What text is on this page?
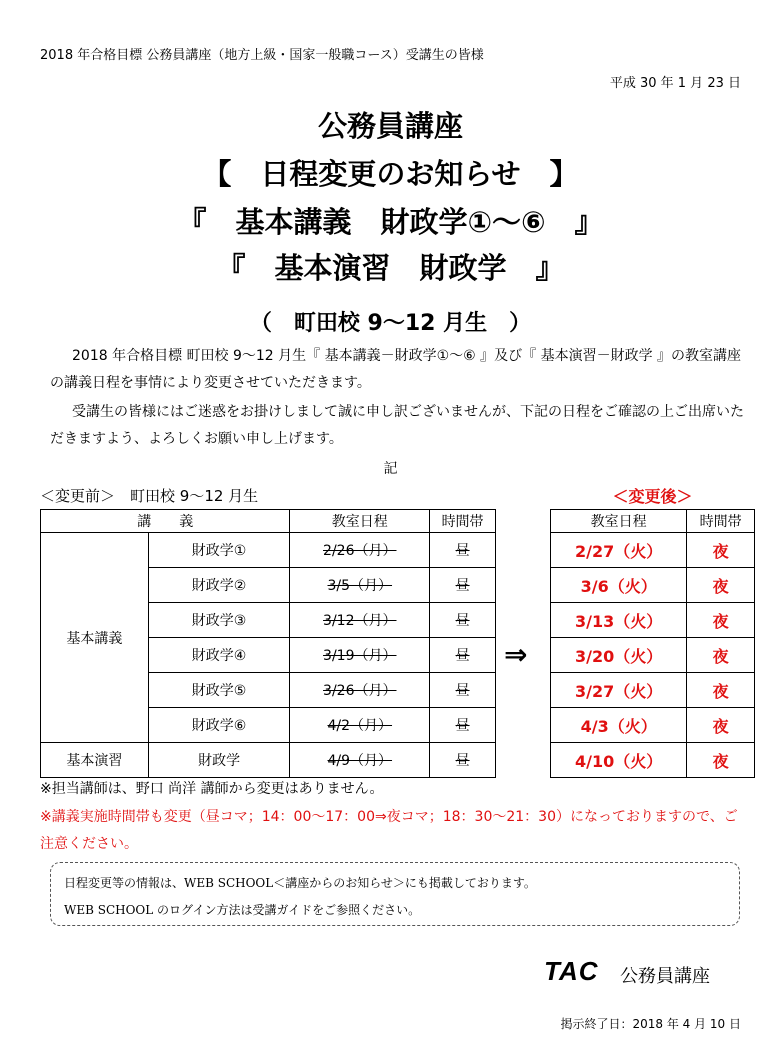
2018 年合格目標 公務員講座（地方上級・国家一般職コース）受講生の皆様
平成 30 年 1 月 23 日
公務員講座
【　日程変更のお知らせ　】
『　基本講義　財政学①～⑥　』
『　基本演習　財政学　』
（　町田校 9～12 月生　）
2018 年合格目標 町田校 9～12 月生『 基本講義－財政学①～⑥ 』及び『 基本演習－財政学 』の教室講座の講義日程を事情により変更させていただきます。
受講生の皆様にはご迷惑をお掛けしまして誠に申し訳ございませんが、下記の日程をご確認の上ご出席いただきますよう、よろしくお願い申し上げます。
記
＜変更前＞　町田校 9～12 月生	＜変更後＞
講　　義		教室日程	時間帯
基本講義	財政学①	2/26（月）	昼
	財政学②	3/5（月）	昼
	財政学③	3/12（月）	昼
	財政学④	3/19（月）	昼
	財政学⑤	3/26（月）	昼
	財政学⑥	4/2（月）	昼
基本演習	財政学	4/9（月）	昼
⇒
教室日程	時間帯
2/27（火）	夜
3/6（火）	夜
3/13（火）	夜
3/20（火）	夜
3/27（火）	夜
4/3（火）	夜
4/10（火）	夜
※担当講師は、野口 尚洋 講師から変更はありません。
※講義実施時間帯も変更（昼コマ；14：00～17：00⇒夜コマ；18：30～21：30）になっておりますので、ご注意ください。
日程変更等の情報は、WEB SCHOOL＜講座からのお知らせ＞にも掲載しております。
WEB SCHOOL のログイン方法は受講ガイドをご参照ください。
TAC 公務員講座
掲示終了日：2018 年 4 月 10 日
